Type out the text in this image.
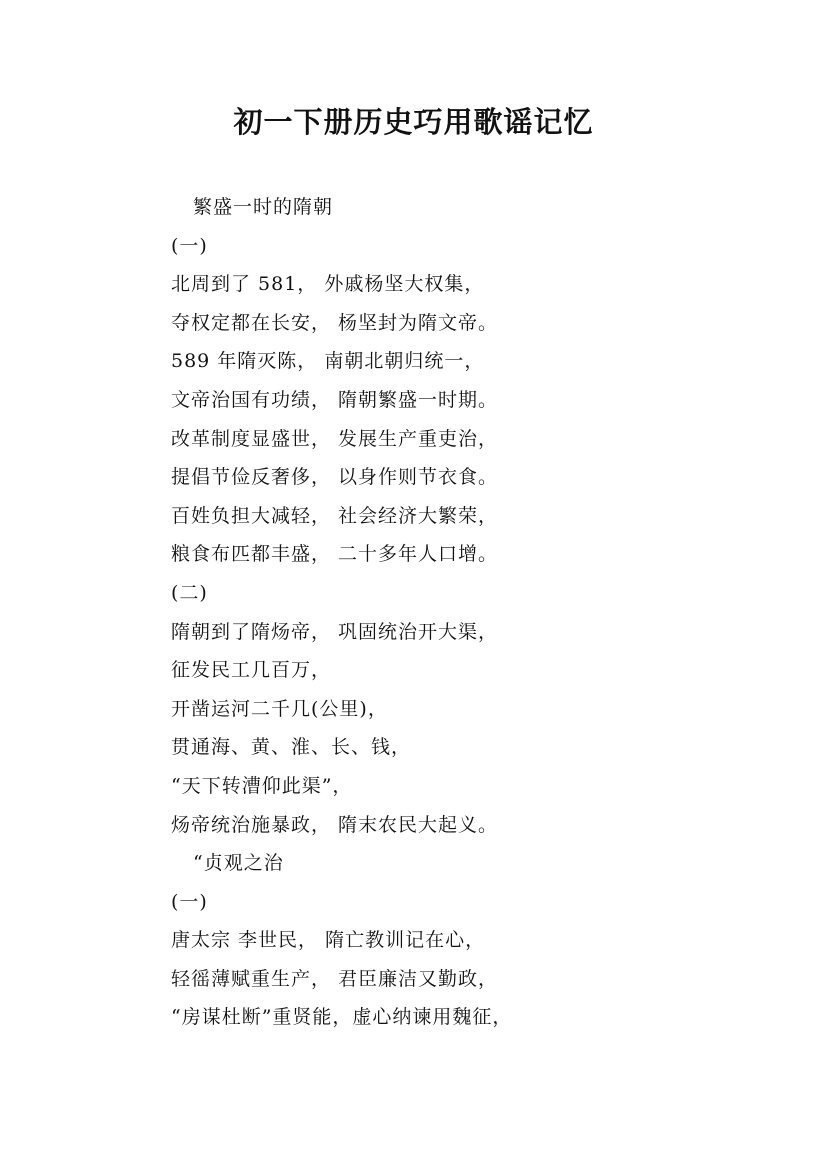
初一下册历史巧用歌谣记忆
繁盛一时的隋朝
(一)
北周到了 581， 外戚杨坚大权集，
夺权定都在长安， 杨坚封为隋文帝。
589 年隋灭陈， 南朝北朝归统一，
文帝治国有功绩， 隋朝繁盛一时期。
改革制度显盛世， 发展生产重吏治，
提倡节俭反奢侈， 以身作则节衣食。
百姓负担大减轻， 社会经济大繁荣，
粮食布匹都丰盛， 二十多年人口增。
(二)
隋朝到了隋炀帝， 巩固统治开大渠，
征发民工几百万，
开凿运河二千几(公里)，
贯通海、黄、淮、长、钱，
“天下转漕仰此渠”，
炀帝统治施暴政， 隋末农民大起义。
“贞观之治
(一)
唐太宗 李世民， 隋亡教训记在心，
轻徭薄赋重生产， 君臣廉洁又勤政，
“房谋杜断”重贤能，虚心纳谏用魏征，
